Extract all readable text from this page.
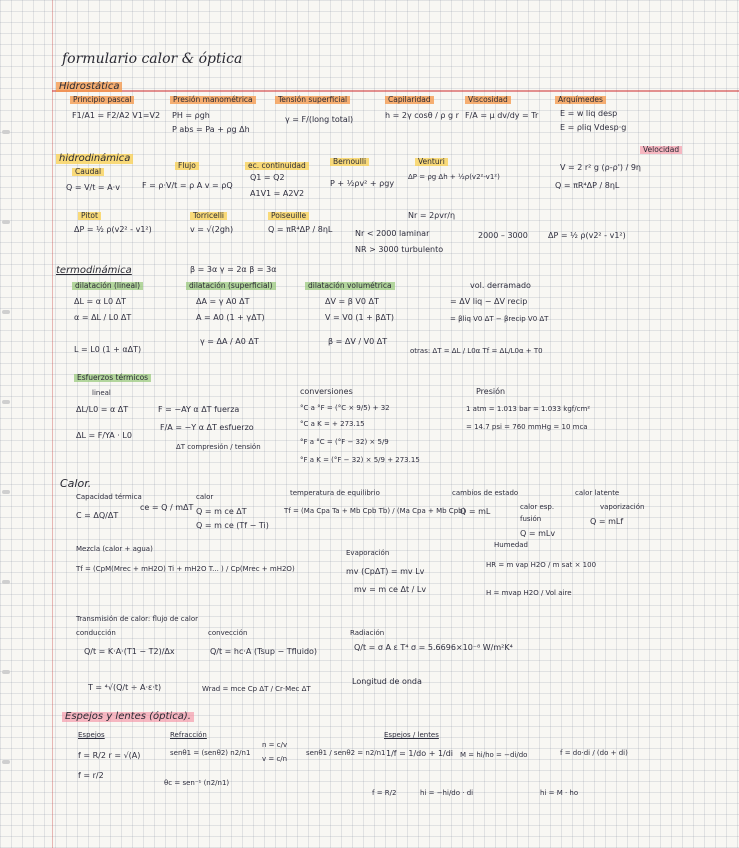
formulario calor & óptica
Hidrostática
Principio pascal	Presión manométrica	Tensión superficial	Capilaridad	Viscosidad	Arquímedes
Velocidad
F1/A1 = F2/A2 V1=V2 PH = ρgh
P abs = Pa + ρg Δh
γ = F/(long total)	h = 2γ cosθ / ρ g r F/A = μ dv/dy = Tr	E = w liq desp
E = ρliq Vdesp·g
V = 2 r² g (ρ-ρ') / 9η
hidrodinámica
Caudal
Flujo	ec. continuidad	Bernoulli	Venturi
Q = V/t = A·v	F = ρ·V/t = ρ A v = ρQ
Q1 = Q2
A1V1 = A2V2
P + ½ρv² + ρgy
ΔP = ρg Δh + ½ρ(v2²-v1²)
Q = πR⁴ΔP / 8ηL
Pitot	Torricelli	Poiseuille
ΔP = ½ ρ(v2² - v1²)	v = √(2gh)	Q = πR⁴ΔP / 8ηL
Nr = 2ρvr/η
Nr < 2000 laminar
NR > 3000 turbulento
2000 – 3000	ΔP = ½ ρ(v2² - v1²)
termodinámica	β = 3α γ = 2α β = 3α
dilatación (lineal)	dilatación (superficial)	dilatación volumétrica	vol. derramado
ΔL = α L0 ΔT
α = ΔL / L0 ΔT
L = L0 (1 + αΔT)
ΔA = γ A0 ΔT
A = A0 (1 + γΔT)
γ = ΔA / A0 ΔT
ΔV = β V0 ΔT
V = V0 (1 + βΔT)
β = ΔV / V0 ΔT
= ΔV liq − ΔV recip
= βliq V0 ΔT − βrecip V0 ΔT
otras: ΔT = ΔL / L0α Tf = ΔL/L0α + T0
Esfuerzos térmicos
lineal
ΔL/L0 = α ΔT	F = −AY α ΔT fuerza
F/A = −Y α ΔT esfuerzo
ΔL = F/YA · L0
ΔT compresión / tensión
conversiones
°C a °F = (°C × 9/5) + 32
°C a K = + 273.15
°F a °C = (°F − 32) × 5/9
°F a K = (°F − 32) × 5/9 + 273.15
Presión
1 atm = 1.013 bar = 1.033 kgf/cm²
= 14.7 psi = 760 mmHg = 10 mca
Calor.
Capacidad térmica	calor	temperatura de equilibrio	cambios de estado	calor latente
calor esp.	vaporización
fusión
C = ΔQ/ΔT
ce = Q / mΔT Q = m ce ΔT
Q = m ce (Tf − Ti)
Tf = (Ma Cpa Ta + Mb Cpb Tb) / (Ma Cpa + Mb Cpb)
Q = mL
Q = mLv
Q = mLf
Mezcla (calor + agua)
Tf = (CpM(Mrec + mH2O) Ti + mH2O T... ) / Cp(Mrec + mH2O)
Evaporación
mv (CpΔT) = mv Lv
mv = m ce Δt / Lv
Humedad
HR = m vap H2O / m sat × 100
H = mvap H2O / Vol aire
Transmisión de calor: flujo de calor
conducción	convección	Radiación
Q/t = K·A·(T1 − T2)/Δx	Q/t = hc·A (Tsup − Tfluido)	Q/t = σ A ε T⁴ σ = 5.6696×10⁻⁸ W/m²K⁴
T = ⁴√(Q/t ÷ A·ε·t)	Wrad = mce Cp ΔT / Cr·Mec ΔT
Longitud de onda
Espejos y lentes (óptica).
Espejos	Refracción	Espejos / lentes
f = R/2 r = √(A)
f = r/2
senθ1 = (senθ2) n2/n1
n = c/v
v = c/n
senθ1 / senθ2 = n2/n1
θc = sen⁻¹ (n2/n1)
1/f = 1/do + 1/di M = hi/ho = −di/do	f = do·di / (do + di)
f = R/2	hi = −hi/do · di	hi = M · ho
